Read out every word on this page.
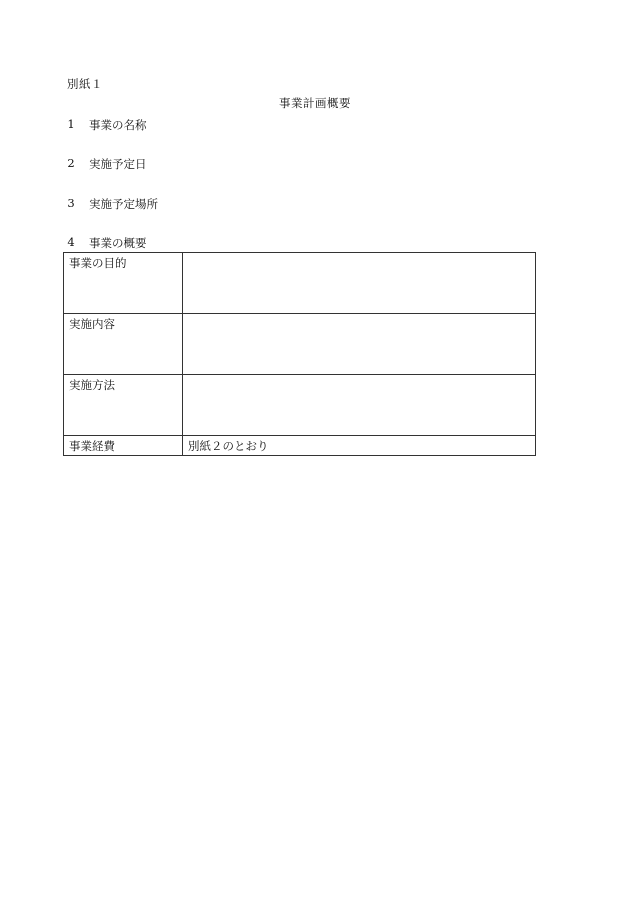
別紙１
事業計画概要
1 事業の名称
2 実施予定日
3 実施予定場所
4 事業の概要
事業の目的	
実施内容	
実施方法	
事業経費	別紙２のとおり
